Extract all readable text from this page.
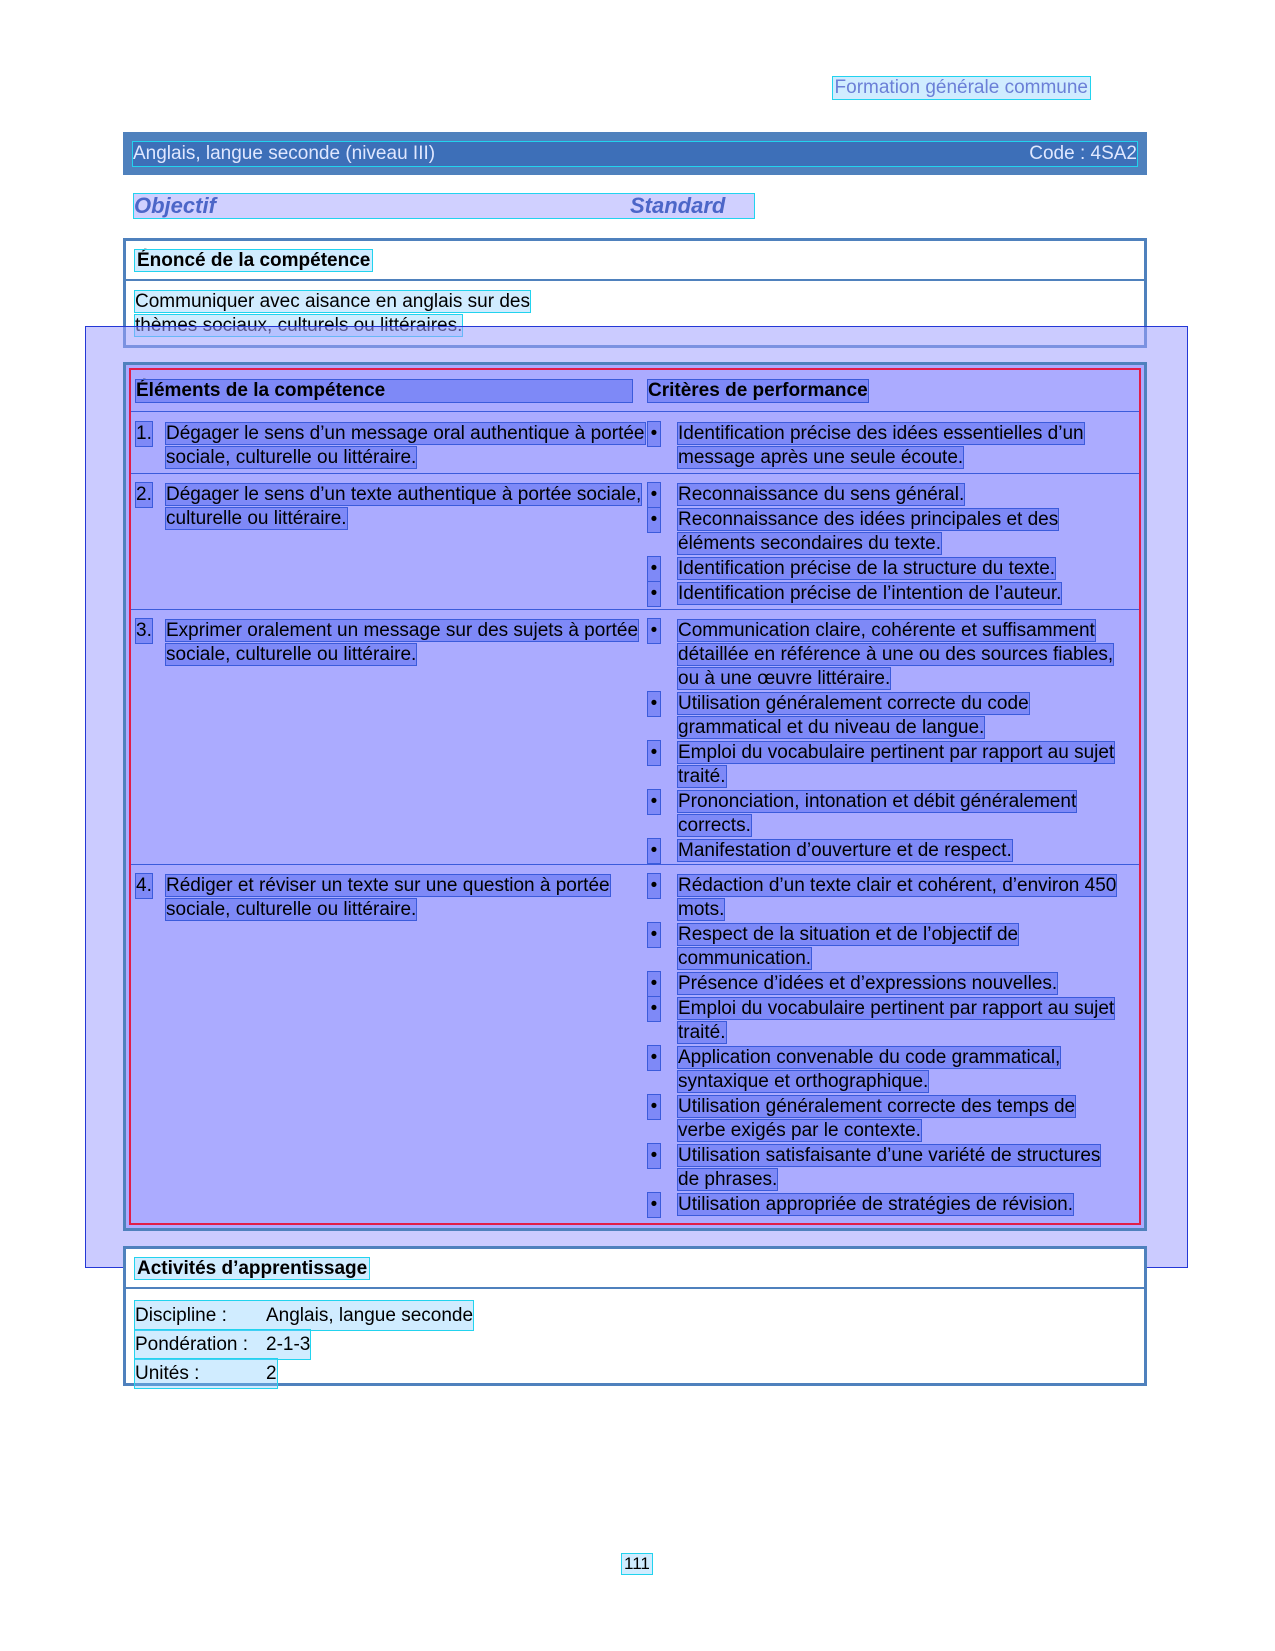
Formation générale commune
Anglais, langue seconde (niveau III)	Code : 4SA2
Objectif	Standard
Énoncé de la compétence
Communiquer avec aisance en anglais sur des
Éléments de la compétence	Critères de performance
1. Dégager le sens d’un message oral authentique à portée sociale, culturelle ou littéraire.
• Identification précise des idées essentielles d’un message après une seule écoute.
2. Dégager le sens d’un texte authentique à portée sociale, culturelle ou littéraire.
• Reconnaissance du sens général.
• Reconnaissance des idées principales et des éléments secondaires du texte.
• Identification précise de la structure du texte.
• Identification précise de l’intention de l’auteur.
3. Exprimer oralement un message sur des sujets à portée sociale, culturelle ou littéraire.
• Communication claire, cohérente et suffisamment détaillée en référence à une ou des sources fiables, ou à une œuvre littéraire.
• Utilisation généralement correcte du code grammatical et du niveau de langue.
• Emploi du vocabulaire pertinent par rapport au sujet traité.
• Prononciation, intonation et débit généralement corrects.
• Manifestation d’ouverture et de respect.
4. Rédiger et réviser un texte sur une question à portée sociale, culturelle ou littéraire.
• Rédaction d’un texte clair et cohérent, d’environ 450 mots.
• Respect de la situation et de l’objectif de communication.
• Présence d’idées et d’expressions nouvelles.
• Emploi du vocabulaire pertinent par rapport au sujet traité.
• Application convenable du code grammatical, syntaxique et orthographique.
• Utilisation généralement correcte des temps de verbe exigés par le contexte.
• Utilisation satisfaisante d’une variété de structures de phrases.
• Utilisation appropriée de stratégies de révision.
Activités d’apprentissage
Discipline : Anglais, langue seconde
Pondération : 2-1-3
Unités :	2
111
